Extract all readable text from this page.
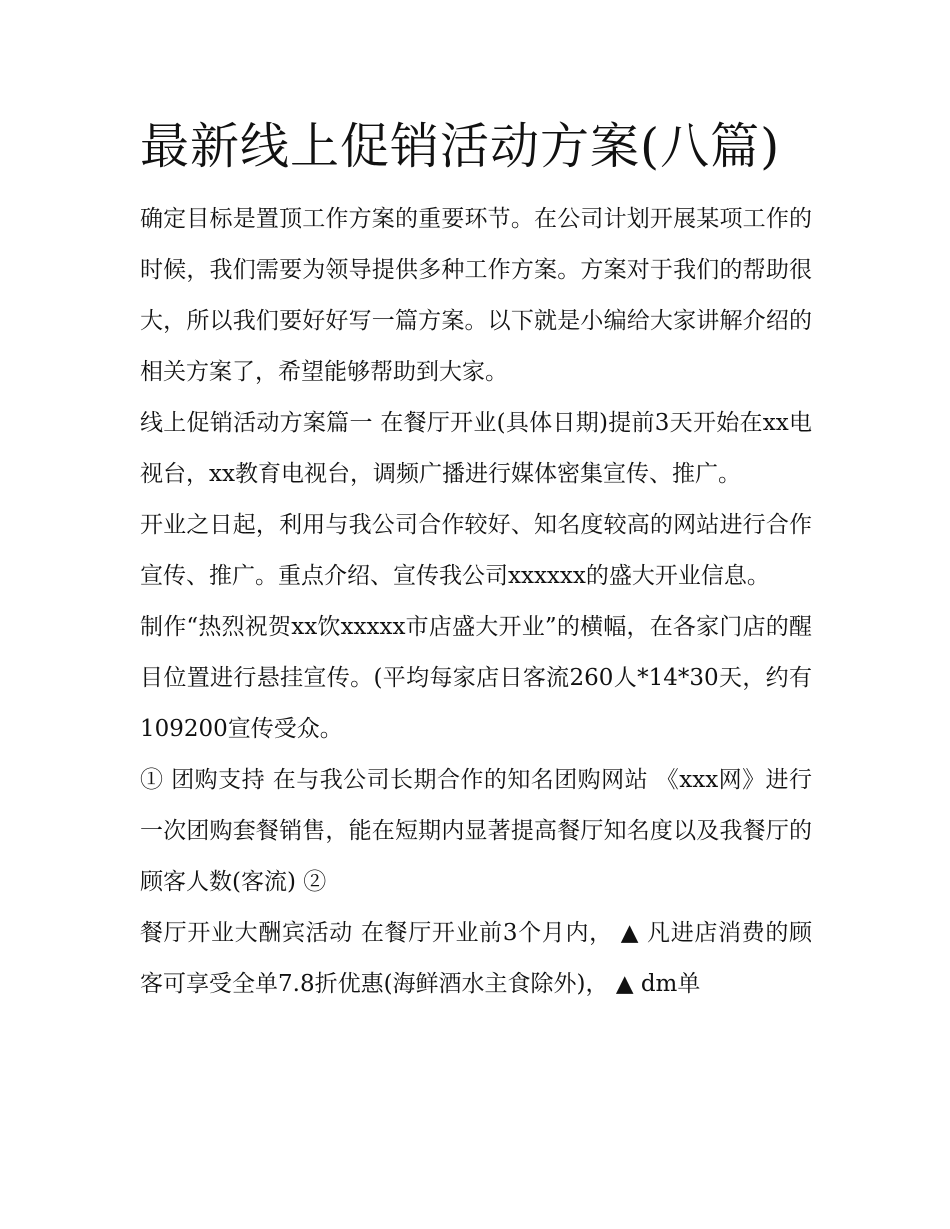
最新线上促销活动方案(八篇)

确定目标是置顶工作方案的重要环节。在公司计划开展某项工作的时候，我们需要为领导提供多种工作方案。方案对于我们的帮助很大，所以我们要好好写一篇方案。以下就是小编给大家讲解介绍的相关方案了，希望能够帮助到大家。

线上促销活动方案篇一 在餐厅开业(具体日期)提前3天开始在xx电视台，xx教育电视台，调频广播进行媒体密集宣传、推广。

开业之日起，利用与我公司合作较好、知名度较高的网站进行合作宣传、推广。重点介绍、宣传我公司xxxxxx的盛大开业信息。

制作“热烈祝贺xx饮xxxxx市店盛大开业”的横幅，在各家门店的醒目位置进行悬挂宣传。(平均每家店日客流260人*14*30天，约有109200宣传受众。

① 团购支持 在与我公司长期合作的知名团购网站 《xxx网》进行一次团购套餐销售，能在短期内显著提高餐厅知名度以及我餐厅的顾客人数(客流) ②

餐厅开业大酬宾活动 在餐厅开业前3个月内， ▲ 凡进店消费的顾客可享受全单7.8折优惠(海鲜酒水主食除外)， ▲ dm单
